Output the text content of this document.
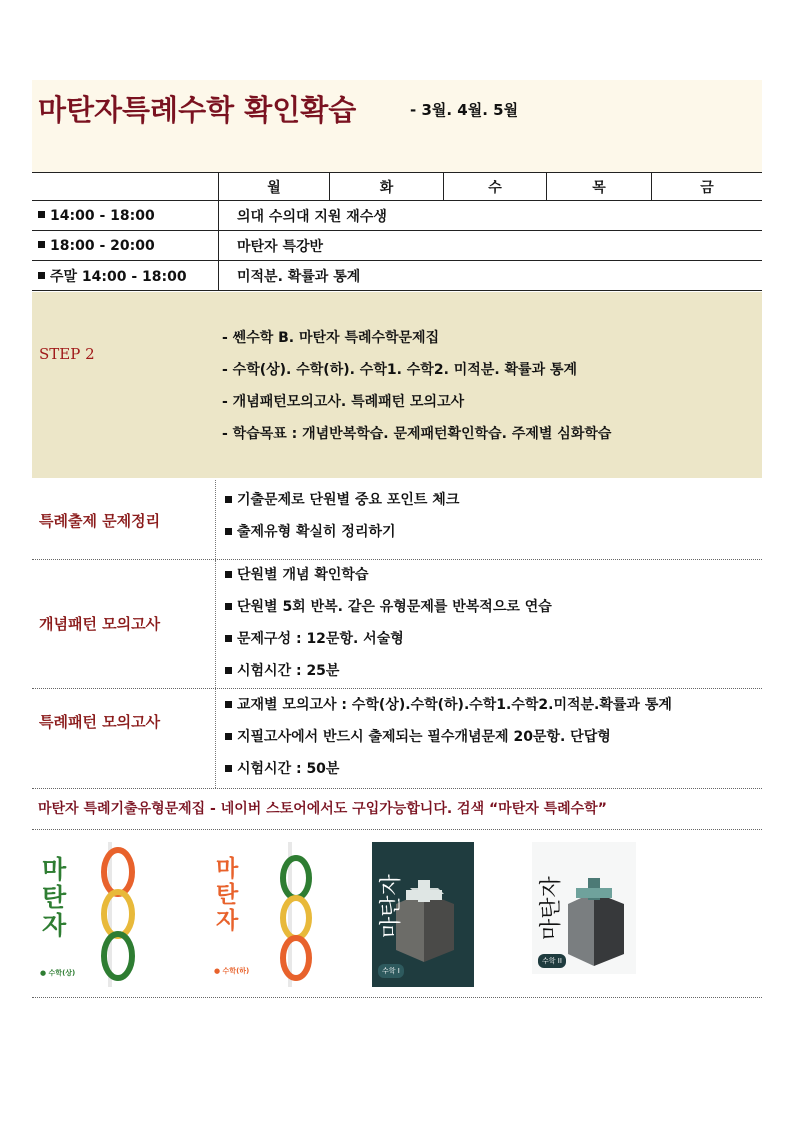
마탄자특례수학 확인확습	- 3월. 4월. 5월
	월	화	수	목	금
14:00 - 18:00	의대 수의대 지원 재수생				
18:00 - 20:00	마탄자 특강반				
주말 14:00 - 18:00	미적분. 확률과 통계				
STEP 2
- 쎈수학 B. 마탄자 특례수학문제집
- 수학(상). 수학(하). 수학1. 수학2. 미적분. 확률과 통계
- 개념패턴모의고사. 특례패턴 모의고사
- 학습목표 : 개념반복학습. 문제패턴확인학습. 주제별 심화학습
특례출제 문제정리
기출문제로 단원별 중요 포인트 체크
출제유형 확실히 정리하기
개념패턴 모의고사
단원별 개념 확인학습
단원별 5회 반복. 같은 유형문제를 반복적으로 연습
문제구성 : 12문항. 서술형
시험시간 : 25분
특례패턴 모의고사
교재별 모의고사 : 수학(상).수학(하).수학1.수학2.미적분.확률과 통계
지필고사에서 반드시 출제되는 필수개념문제 20문항. 단답형
시험시간 : 50분
마탄자 특례기출유형문제집 - 네이버 스토어에서도 구입가능합니다. 검색 “마탄자 특례수학”
마탄자
● 수학(상)
마탄자
● 수학(하)
마탄자
수학 I
마탄자
수학 II
